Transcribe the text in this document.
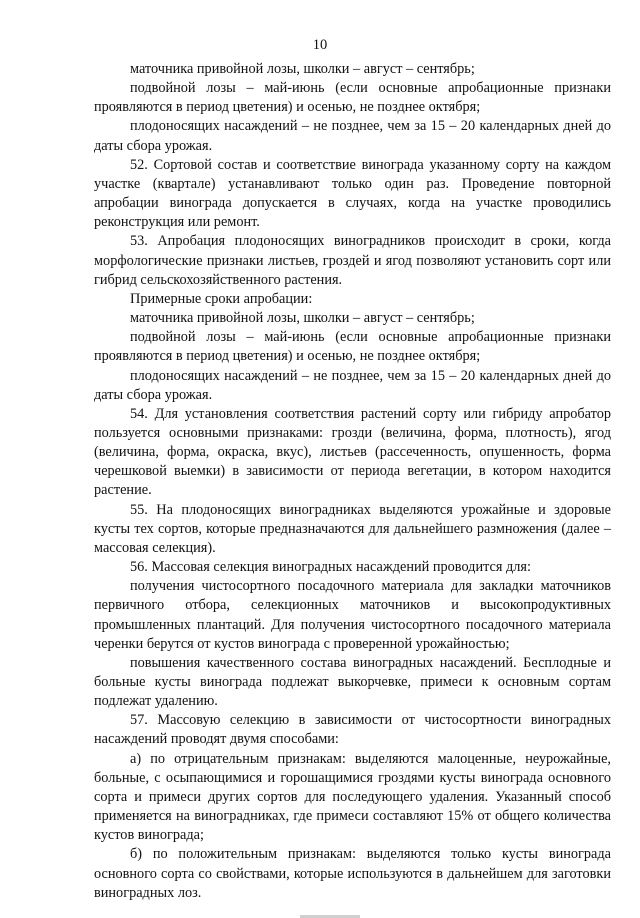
10

маточника привойной лозы, школки – август – сентябрь;

подвойной лозы – май-июнь (если основные апробационные признаки проявляются в период цветения) и осенью, не позднее октября;

плодоносящих насаждений – не позднее, чем за 15 – 20 календарных дней до даты сбора урожая.

52. Сортовой состав и соответствие винограда указанному сорту на каждом участке (квартале) устанавливают только один раз. Проведение повторной апробации винограда допускается в случаях, когда на участке проводились реконструкция или ремонт.

53. Апробация плодоносящих виноградников происходит в сроки, когда морфологические признаки листьев, гроздей и ягод позволяют установить сорт или гибрид сельскохозяйственного растения.

Примерные сроки апробации:

маточника привойной лозы, школки – август – сентябрь;

подвойной лозы – май-июнь (если основные апробационные признаки проявляются в период цветения) и осенью, не позднее октября;

плодоносящих насаждений – не позднее, чем за 15 – 20 календарных дней до даты сбора урожая.

54. Для установления соответствия растений сорту или гибриду апробатор пользуется основными признаками: грозди (величина, форма, плотность), ягод (величина, форма, окраска, вкус), листьев (рассеченность, опушенность, форма черешковой выемки) в зависимости от периода вегетации, в котором находится растение.

55. На плодоносящих виноградниках выделяются урожайные и здоровые кусты тех сортов, которые предназначаются для дальнейшего размножения (далее – массовая селекция).

56. Массовая селекция виноградных насаждений проводится для:

получения чистосортного посадочного материала для закладки маточников первичного отбора, селекционных маточников и высокопродуктивных промышленных плантаций. Для получения чистосортного посадочного материала черенки берутся от кустов винограда с проверенной урожайностью;

повышения качественного состава виноградных насаждений. Бесплодные и больные кусты винограда подлежат выкорчевке, примеси к основным сортам подлежат удалению.

57. Массовую селекцию в зависимости от чистосортности виноградных насаждений проводят двумя способами:

а) по отрицательным признакам: выделяются малоценные, неурожайные, больные, с осыпающимися и горошащимися гроздями кусты винограда основного сорта и примеси других сортов для последующего удаления. Указанный способ применяется на виноградниках, где примеси составляют 15% от общего количества кустов винограда;

б) по положительным признакам: выделяются только кусты винограда основного сорта со свойствами, которые используются в дальнейшем для заготовки виноградных лоз.
